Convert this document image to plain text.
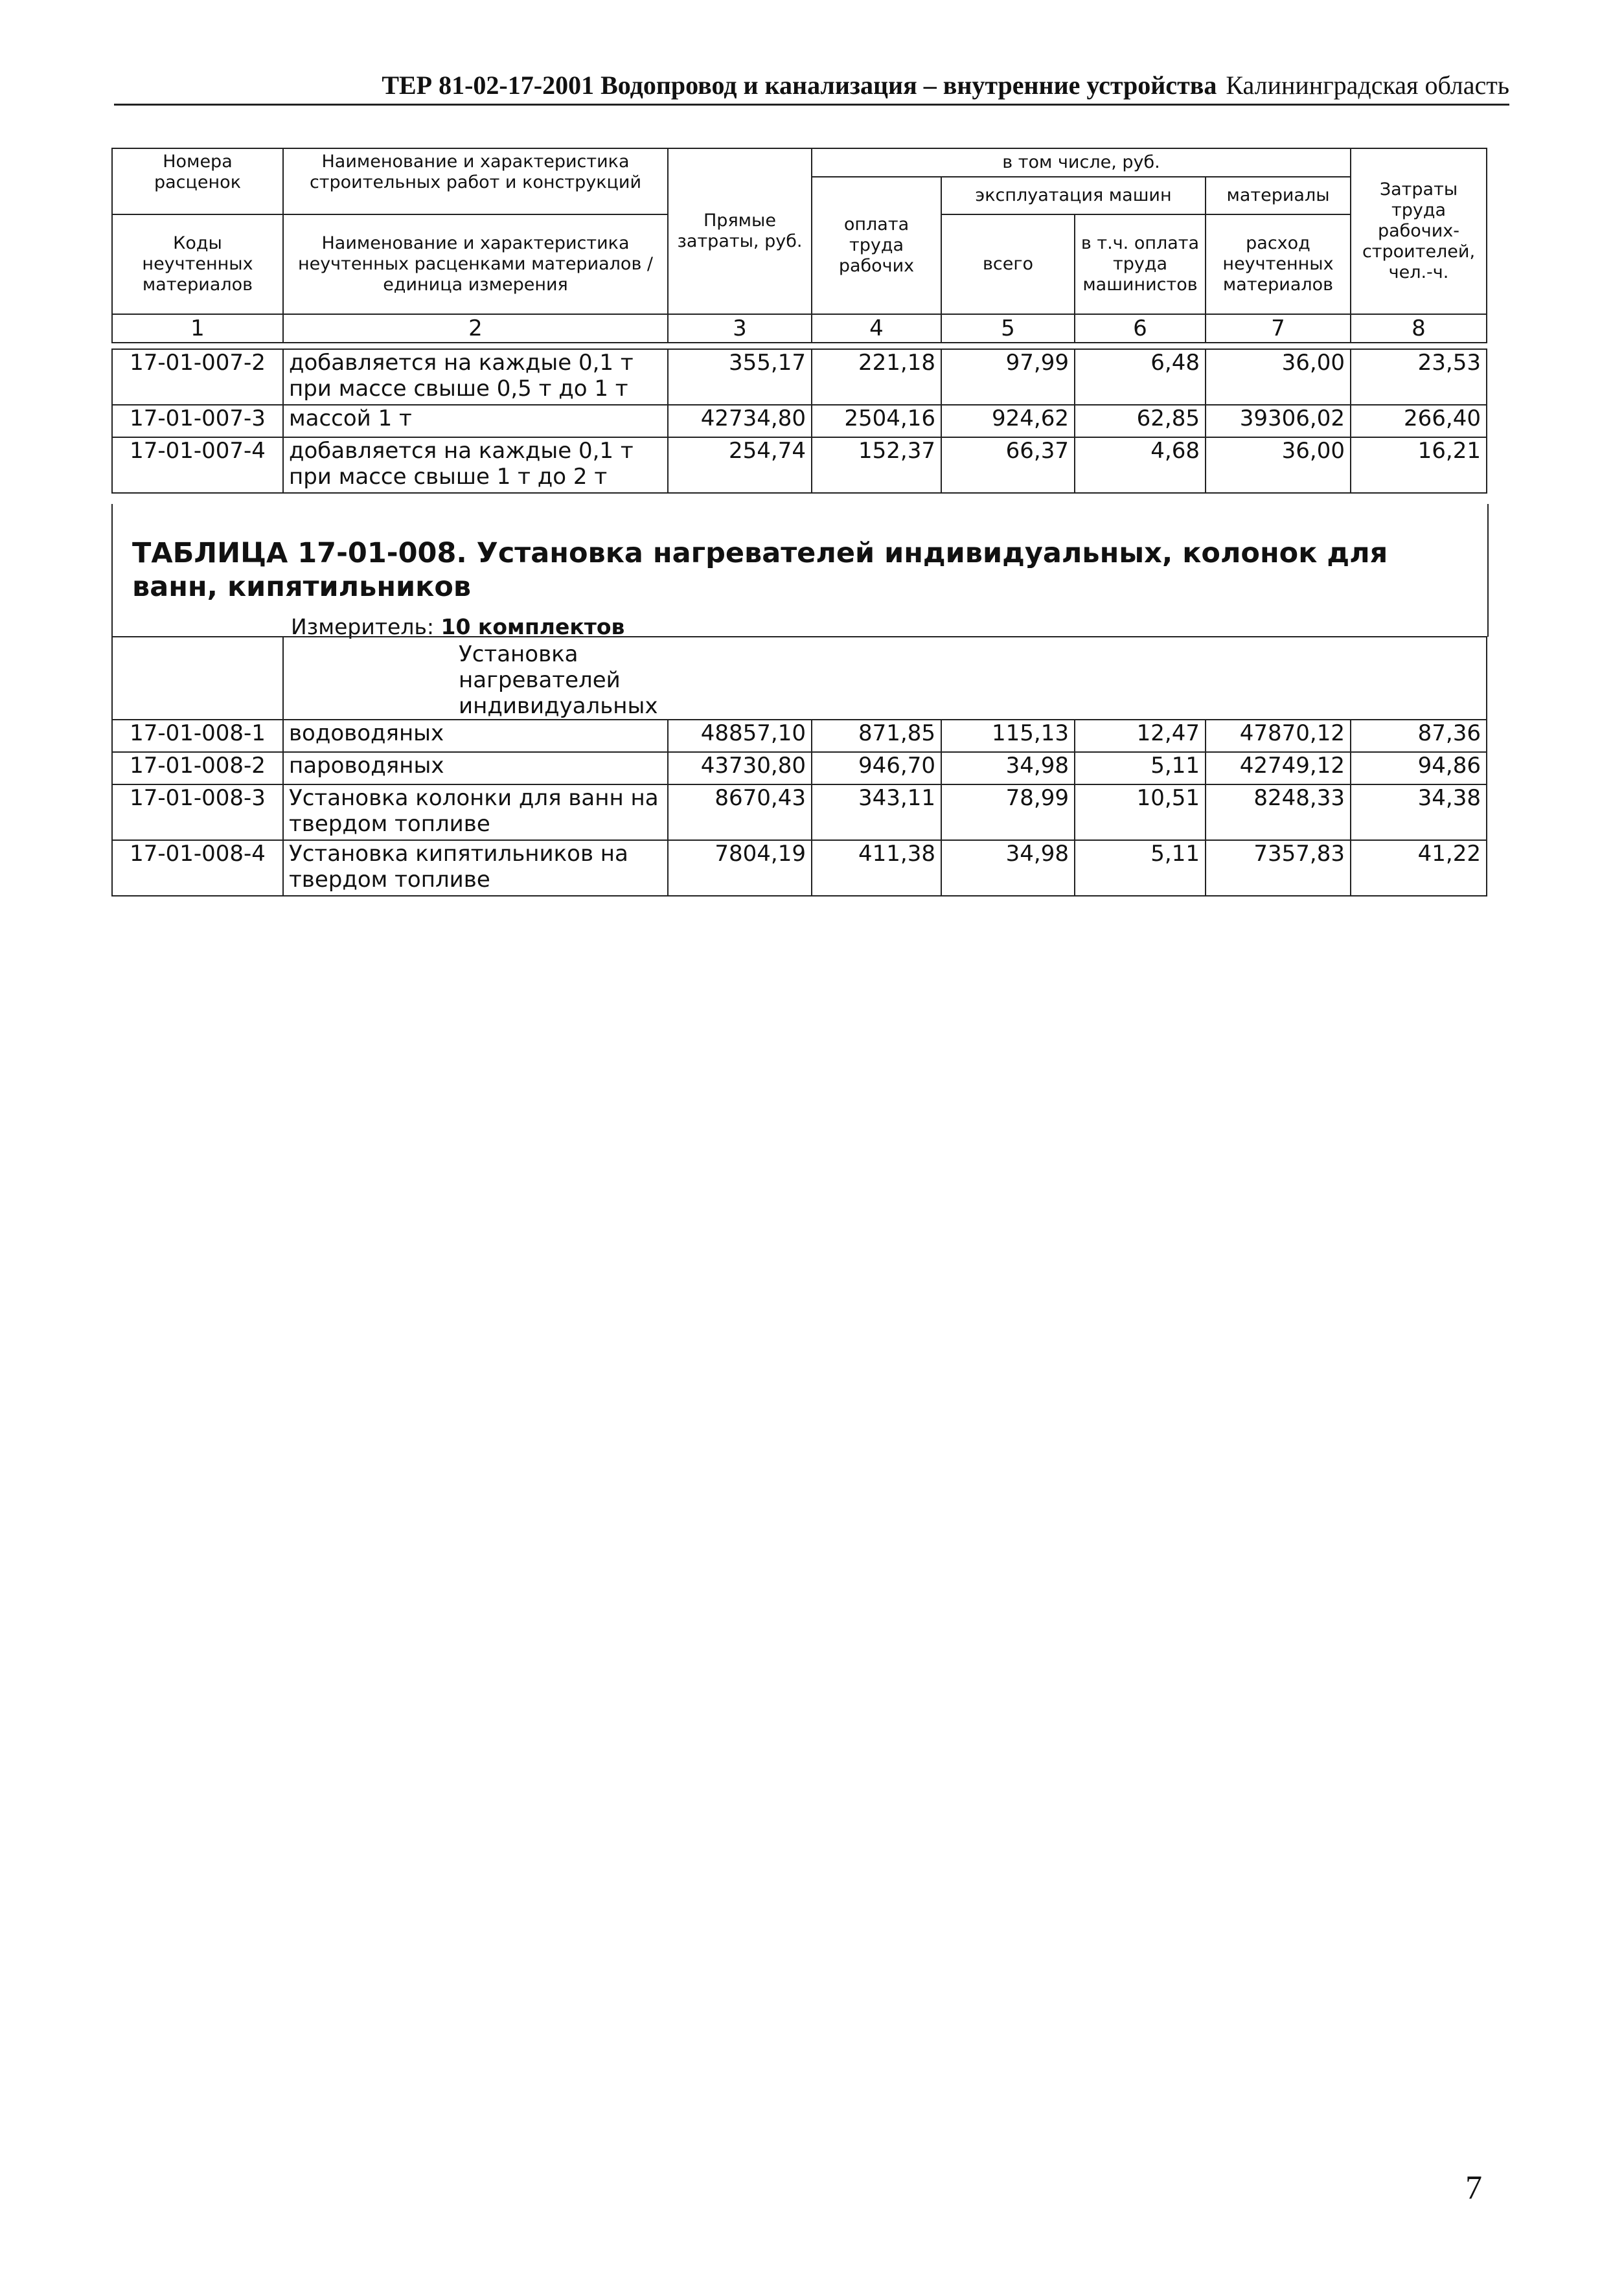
ТЕР 81-02-17-2001 Водопровод и канализация – внутренние устройства Калининградская область
Номера расценок	Наименование и характеристика строительных работ и конструкций	Прямые затраты, руб.	в том числе, руб.				Затраты труда рабочих-строителей, чел.-ч.
			оплата труда рабочих	эксплуатация машин		материалы	
Коды неучтенных материалов	Наименование и характеристика неучтенных расценками материалов / единица измерения			всего	в т.ч. оплата труда машинистов	расход неучтенных материалов	

1	2	3	4	5	6	7	8
17-01-007-2	добавляется на каждые 0,1 т при массе свыше 0,5 т до 1 т	355,17	221,18	97,99	6,48	36,00	23,53
17-01-007-3	массой 1 т	42734,80	2504,16	924,62	62,85	39306,02	266,40
17-01-007-4	добавляется на каждые 0,1 т при массе свыше 1 т до 2 т	254,74	152,37	66,37	4,68	36,00	16,21
ТАБЛИЦА 17-01-008. Установка нагревателей индивидуальных, колонок для ванн, кипятильников
Измеритель: 10 комплектов

	Установка нагревателей индивидуальных						

17-01-008-1	водоводяных	48857,10	871,85	115,13	12,47	47870,12	87,36
17-01-008-2	пароводяных	43730,80	946,70	34,98	5,11	42749,12	94,86
17-01-008-3	Установка колонки для ванн на твердом топливе	8670,43	343,11	78,99	10,51	8248,33	34,38
17-01-008-4	Установка кипятильников на твердом топливе	7804,19	411,38	34,98	5,11	7357,83	41,22
7
